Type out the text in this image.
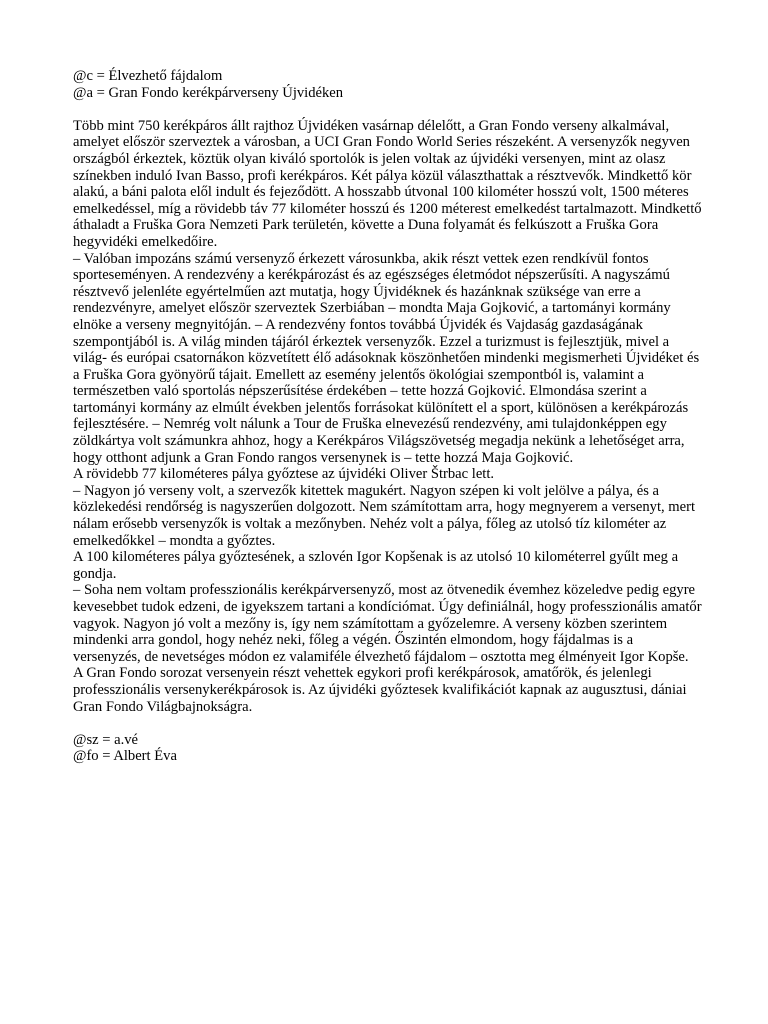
@c = Élvezhető fájdalom
@a = Gran Fondo kerékpárverseny Újvidéken

Több mint 750 kerékpáros állt rajthoz Újvidéken vasárnap délelőtt, a Gran Fondo verseny alkalmával, amelyet először szerveztek a városban, a UCI Gran Fondo World Series részeként. A versenyzők negyven országból érkeztek, köztük olyan kiváló sportolók is jelen voltak az újvidéki versenyen, mint az olasz színekben induló Ivan Basso, profi kerékpáros. Két pálya közül választhattak a résztvevők. Mindkettő kör alakú, a báni palota elől indult és fejeződött. A hosszabb útvonal 100 kilométer hosszú volt, 1500 méteres emelkedéssel, míg a rövidebb táv 77 kilométer hosszú és 1200 méterest emelkedést tartalmazott. Mindkettő áthaladt a Fruška Gora Nemzeti Park területén, követte a Duna folyamát és felkúszott a Fruška Gora hegyvidéki emelkedőire.

– Valóban impozáns számú versenyző érkezett városunkba, akik részt vettek ezen rendkívül fontos sporteseményen. A rendezvény a kerékpározást és az egészséges életmódot népszerűsíti. A nagyszámú résztvevő jelenléte egyértelműen azt mutatja, hogy Újvidéknek és hazánknak szüksége van erre a rendezvényre, amelyet először szerveztek Szerbiában – mondta Maja Gojković, a tartományi kormány elnöke a verseny megnyitóján. – A rendezvény fontos továbbá Újvidék és Vajdaság gazdaságának szempontjából is. A világ minden tájáról érkeztek versenyzők. Ezzel a turizmust is fejlesztjük, mivel a világ- és európai csatornákon közvetített élő adásoknak köszönhetően mindenki megismerheti Újvidéket és a Fruška Gora gyönyörű tájait. Emellett az esemény jelentős ökológiai szempontból is, valamint a természetben való sportolás népszerűsítése érdekében – tette hozzá Gojković. Elmondása szerint a tartományi kormány az elmúlt években jelentős forrásokat különített el a sport, különösen a kerékpározás fejlesztésére. – Nemrég volt nálunk a Tour de Fruška elnevezésű rendezvény, ami tulajdonképpen egy zöldkártya volt számunkra ahhoz, hogy a Kerékpáros Világszövetség megadja nekünk a lehetőséget arra, hogy otthont adjunk a Gran Fondo rangos versenynek is – tette hozzá Maja Gojković.

A rövidebb 77 kilométeres pálya győztese az újvidéki Oliver Štrbac lett.

– Nagyon jó verseny volt, a szervezők kitettek magukért. Nagyon szépen ki volt jelölve a pálya, és a közlekedési rendőrség is nagyszerűen dolgozott. Nem számítottam arra, hogy megnyerem a versenyt, mert nálam erősebb versenyzők is voltak a mezőnyben. Nehéz volt a pálya, főleg az utolsó tíz kilométer az emelkedőkkel – mondta a győztes.

A 100 kilométeres pálya győztesének, a szlovén Igor Kopšenak is az utolsó 10 kilométerrel gyűlt meg a gondja.

– Soha nem voltam professzionális kerékpárversenyző, most az ötvenedik évemhez közeledve pedig egyre kevesebbet tudok edzeni, de igyekszem tartani a kondíciómat. Úgy definiálnál, hogy professzionális amatőr vagyok. Nagyon jó volt a mezőny is, így nem számítottam a győzelemre. A verseny közben szerintem mindenki arra gondol, hogy nehéz neki, főleg a végén. Őszintén elmondom, hogy fájdalmas is a versenyzés, de nevetséges módon ez valamiféle élvezhető fájdalom – osztotta meg élményeit Igor Kopše.

A Gran Fondo sorozat versenyein részt vehettek egykori profi kerékpárosok, amatőrök, és jelenlegi professzionális versenykerékpárosok is. Az újvidéki győztesek kvalifikációt kapnak az augusztusi, dániai Gran Fondo Világbajnokságra.

@sz = a.vé
@fo = Albert Éva
